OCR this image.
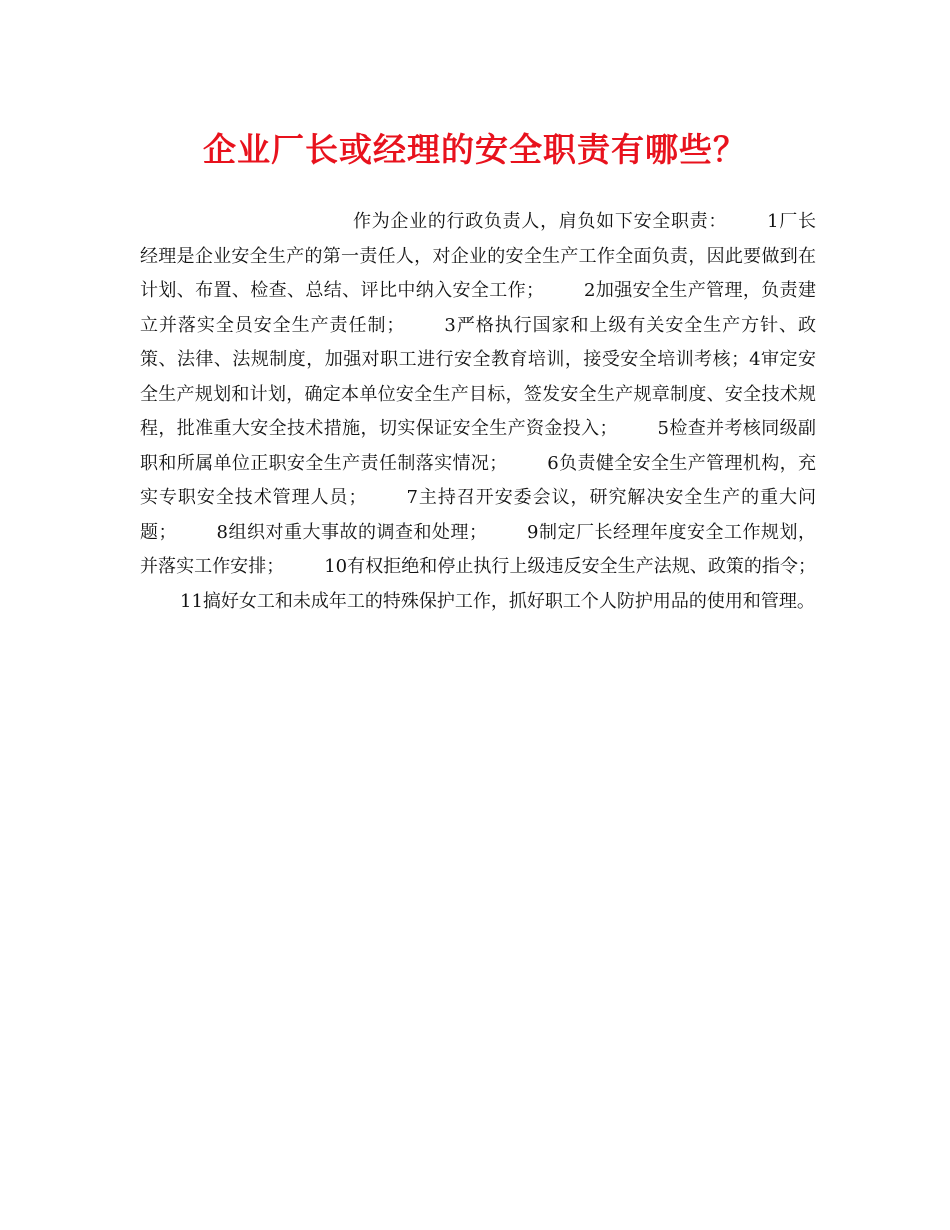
企业厂长或经理的安全职责有哪些？

作为企业的行政负责人，肩负如下安全职责： 1厂长经理是企业安全生产的第一责任人，对企业的安全生产工作全面负责，因此要做到在计划、布置、检查、总结、评比中纳入安全工作； 2加强安全生产管理，负责建立并落实全员安全生产责任制； 3严格执行国家和上级有关安全生产方针、政策、法律、法规制度，加强对职工进行安全教育培训，接受安全培训考核；4审定安全生产规划和计划，确定本单位安全生产目标，签发安全生产规章制度、安全技术规程，批准重大安全技术措施，切实保证安全生产资金投入； 5检查并考核同级副职和所属单位正职安全生产责任制落实情况； 6负责健全安全生产管理机构，充实专职安全技术管理人员； 7主持召开安委会议，研究解决安全生产的重大问题； 8组织对重大事故的调查和处理； 9制定厂长经理年度安全工作规划，并落实工作安排； 10有权拒绝和停止执行上级违反安全生产法规、政策的指令；11搞好女工和未成年工的特殊保护工作，抓好职工个人防护用品的使用和管理。
